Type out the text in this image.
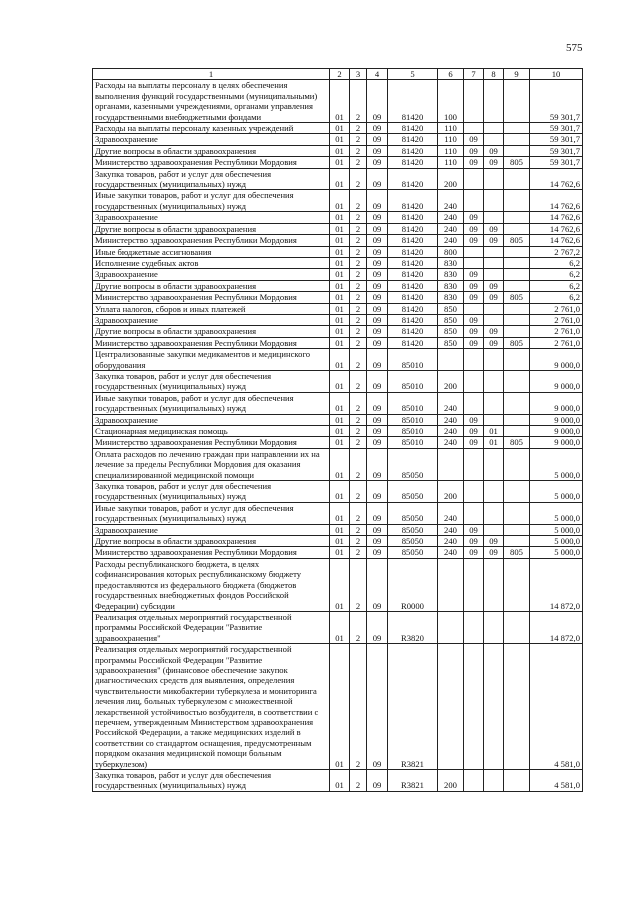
575
1	2	3	4	5	6	7	8	9	10
Расходы на выплаты персоналу в целях обеспечения выполнения функций государственными (муниципальными) органами, казенными учреждениями, органами управления государственными внебюджетными фондами	01	2	09	81420	100				59 301,7
Расходы на выплаты персоналу казенных учреждений	01	2	09	81420	110				59 301,7
Здравоохранение	01	2	09	81420	110	09			59 301,7
Другие вопросы в области здравоохранения	01	2	09	81420	110	09	09		59 301,7
Министерство здравоохранения Республики Мордовия	01	2	09	81420	110	09	09	805	59 301,7
Закупка товаров, работ и услуг для обеспечения государственных (муниципальных) нужд	01	2	09	81420	200				14 762,6
Иные закупки товаров, работ и услуг для обеспечения государственных (муниципальных) нужд	01	2	09	81420	240				14 762,6
Здравоохранение	01	2	09	81420	240	09			14 762,6
Другие вопросы в области здравоохранения	01	2	09	81420	240	09	09		14 762,6
Министерство здравоохранения Республики Мордовия	01	2	09	81420	240	09	09	805	14 762,6
Иные бюджетные ассигнования	01	2	09	81420	800				2 767,2
Исполнение судебных актов	01	2	09	81420	830				6,2
Здравоохранение	01	2	09	81420	830	09			6,2
Другие вопросы в области здравоохранения	01	2	09	81420	830	09	09		6,2
Министерство здравоохранения Республики Мордовия	01	2	09	81420	830	09	09	805	6,2
Уплата налогов, сборов и иных платежей	01	2	09	81420	850				2 761,0
Здравоохранение	01	2	09	81420	850	09			2 761,0
Другие вопросы в области здравоохранения	01	2	09	81420	850	09	09		2 761,0
Министерство здравоохранения Республики Мордовия	01	2	09	81420	850	09	09	805	2 761,0
Централизованные закупки медикаментов и медицинского оборудования	01	2	09	85010					9 000,0
Закупка товаров, работ и услуг для обеспечения государственных (муниципальных) нужд	01	2	09	85010	200				9 000,0
Иные закупки товаров, работ и услуг для обеспечения государственных (муниципальных) нужд	01	2	09	85010	240				9 000,0
Здравоохранение	01	2	09	85010	240	09			9 000,0
Стационарная медицинская помощь	01	2	09	85010	240	09	01		9 000,0
Министерство здравоохранения Республики Мордовия	01	2	09	85010	240	09	01	805	9 000,0
Оплата расходов по лечению граждан при направлении их на лечение за пределы Республики Мордовия для оказания специализированной медицинской помощи	01	2	09	85050					5 000,0
Закупка товаров, работ и услуг для обеспечения государственных (муниципальных) нужд	01	2	09	85050	200				5 000,0
Иные закупки товаров, работ и услуг для обеспечения государственных (муниципальных) нужд	01	2	09	85050	240				5 000,0
Здравоохранение	01	2	09	85050	240	09			5 000,0
Другие вопросы в области здравоохранения	01	2	09	85050	240	09	09		5 000,0
Министерство здравоохранения Республики Мордовия	01	2	09	85050	240	09	09	805	5 000,0
Расходы республиканского бюджета, в целях софинансирования которых республиканскому бюджету предоставляются из федерального бюджета (бюджетов государственных внебюджетных фондов Российской Федерации) субсидии	01	2	09	R0000					14 872,0
Реализация отдельных мероприятий государственной программы Российской Федерации "Развитие здравоохранения"	01	2	09	R3820					14 872,0
Реализация отдельных мероприятий государственной программы Российской Федерации "Развитие здравоохранения" (финансовое обеспечение закупок диагностических средств для выявления, определения чувствительности микобактерии туберкулеза и мониторинга лечения лиц, больных туберкулезом с множественной лекарственной устойчивостью возбудителя, в соответствии с перечнем, утвержденным Министерством здравоохранения Российской Федерации, а также медицинских изделий в соответствии со стандартом оснащения, предусмотренным порядком оказания медицинской помощи больным туберкулезом)	01	2	09	R3821					4 581,0
Закупка товаров, работ и услуг для обеспечения государственных (муниципальных) нужд	01	2	09	R3821	200				4 581,0
